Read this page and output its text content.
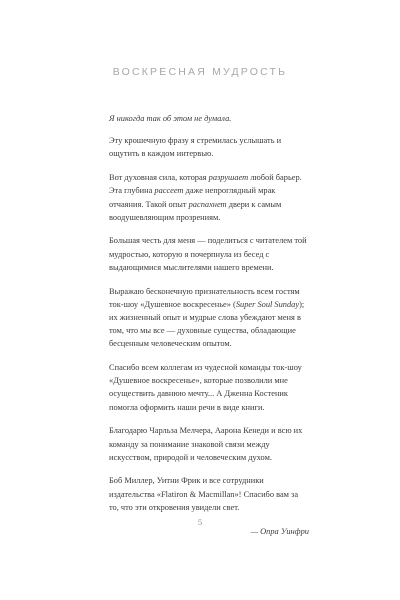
ВОСКРЕСНАЯ МУДРОСТЬ

Я никогда так об этом не думала.

Эту крошечную фразу я стремилась услышать и ощутить в каждом интервью.

Вот духовная сила, которая разрушает любой барьер. Эта глубина рассеет даже непроглядный мрак отчаяния. Такой опыт распахнет двери к самым воодушевляющим прозрениям.

Большая честь для меня — поделиться с читателем той мудростью, которую я почерпнула из бесед с выдающимися мыслителями нашего времени.

Выражаю бесконечную признательность всем гостям ток-шоу «Душевное воскресенье» (Super Soul Sunday); их жизненный опыт и мудрые слова убеждают меня в том, что мы все — духовные существа, обладающие бесценным человеческим опытом.

Спасибо всем коллегам из чудесной команды ток-шоу «Душевное воскресенье», которые позволили мне осуществить давнюю мечту... А Дженна Костеник помогла оформить наши речи в виде книги.

Благодарю Чарльза Мелчера, Аарона Кенеди и всю их команду за понимание знаковой связи между искусством, природой и человеческим духом.

Боб Миллер, Уитни Фрик и все сотрудники издательства «Flatiron & Macmillan»! Спасибо вам за то, что эти откровения увидели свет.

— Опра Уинфри

5
